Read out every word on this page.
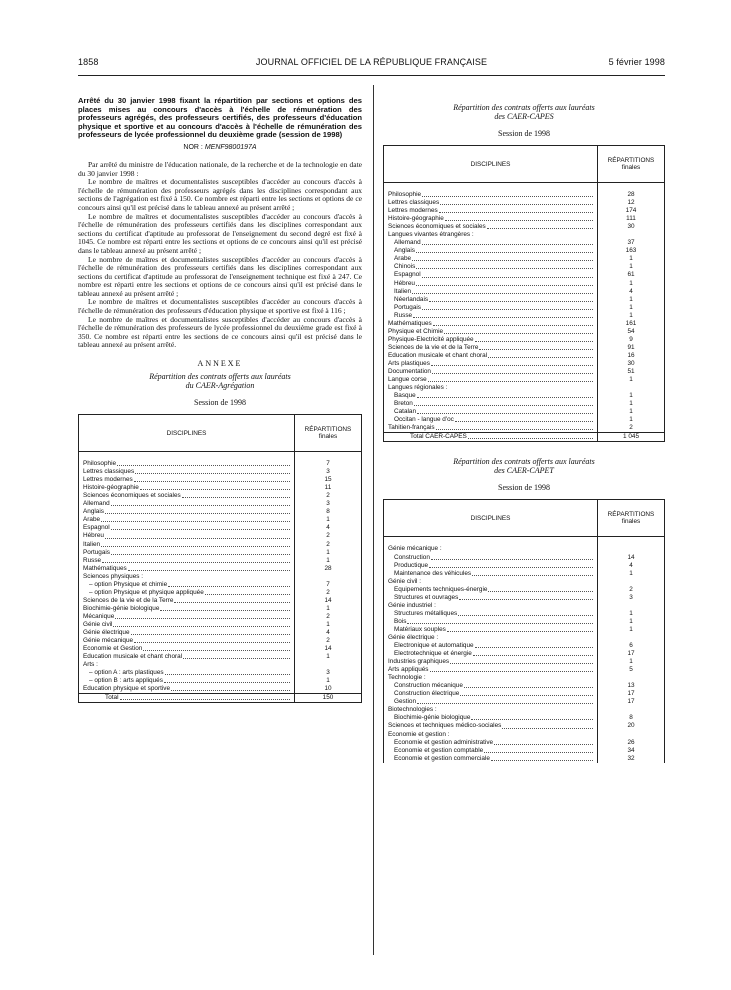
1858	JOURNAL OFFICIEL DE LA RÉPUBLIQUE FRANÇAISE	5 février 1998
Arrêté du 30 janvier 1998 fixant la répartition par sections et options des places mises au concours d'accès à l'échelle de rémunération des professeurs agrégés, des professeurs certifiés, des professeurs d'éducation physique et sportive et au concours d'accès à l'échelle de rémunération des professeurs de lycée professionnel du deuxième grade (session de 1998)
NOR : MENF9800197A

Par arrêté du ministre de l'éducation nationale, de la recherche et de la technologie en date du 30 janvier 1998 :

Le nombre de maîtres et documentalistes susceptibles d'accéder au concours d'accès à l'échelle de rémunération des professeurs agrégés dans les disciplines correspondant aux sections de l'agrégation est fixé à 150. Ce nombre est réparti entre les sections et options de ce concours ainsi qu'il est précisé dans le tableau annexé au présent arrêté ;

Le nombre de maîtres et documentalistes susceptibles d'accéder au concours d'accès à l'échelle de rémunération des professeurs certifiés dans les disciplines correspondant aux sections du certificat d'aptitude au professorat de l'enseignement du second degré est fixé à 1045. Ce nombre est réparti entre les sections et options de ce concours ainsi qu'il est précisé dans le tableau annexé au présent arrêté ;

Le nombre de maîtres et documentalistes susceptibles d'accéder au concours d'accès à l'échelle de rémunération des professeurs certifiés dans les disciplines correspondant aux sections du certificat d'aptitude au professorat de l'enseignement technique est fixé à 247. Ce nombre est réparti entre les sections et options de ce concours ainsi qu'il est précisé dans le tableau annexé au présent arrêté ;

Le nombre de maîtres et documentalistes susceptibles d'accéder au concours d'accès à l'échelle de rémunération des professeurs d'éducation physique et sportive est fixé à 116 ;

Le nombre de maîtres et documentalistes susceptibles d'accéder au concours d'accès à l'échelle de rémunération des professeurs de lycée professionnel du deuxième grade est fixé à 350. Ce nombre est réparti entre les sections de ce concours ainsi qu'il est précisé dans le tableau annexé au présent arrêté.

ANNEXE
Répartition des contrats offerts aux lauréats
du CAER-Agrégation
Session de 1998
DISCIPLINES	RÉPARTITIONS
finales

Philosophie	7

Lettres classiques	3

Lettres modernes	15

Histoire-géographie	11

Sciences économiques et sociales	2

Allemand	3

Anglais	8

Arabe	1

Espagnol	4

Hébreu	2

Italien	2

Portugais	1

Russe	1

Mathématiques	28

Sciences physiques :	

– option Physique et chimie	7

– option Physique et physique appliquée	2

Sciences de la vie et de la Terre	14

Biochimie-génie biologique	1

Mécanique	2

Génie civil	1

Génie électrique	4

Génie mécanique	2

Economie et Gestion	14

Education musicale et chant choral	1

Arts :	

– option A : arts plastiques	3

– option B : arts appliqués	1

Education physique et sportive	10

Total	150
Répartition des contrats offerts aux lauréats
des CAER-CAPES
Session de 1998
DISCIPLINES	RÉPARTITIONS
finales

Philosophie	28

Lettres classiques	12

Lettres modernes	174

Histoire-géographie	111

Sciences économiques et sociales	30

Langues vivantes étrangères :	

Allemand	37

Anglais	163

Arabe	1

Chinois	1

Espagnol	61

Hébreu	1

Italien	4

Néerlandais	1

Portugais	1

Russe	1

Mathématiques	161

Physique et Chimie	54

Physique-Electricité appliquée	9

Sciences de la vie et de la Terre	91

Education musicale et chant choral	16

Arts plastiques	30

Documentation	51

Langue corse	1

Langues régionales :	

Basque	1

Breton	1

Catalan	1

Occitan - langue d'oc	1

Tahitien-français	2

Total CAER-CAPES	1 045
Répartition des contrats offerts aux lauréats
des CAER-CAPET
Session de 1998
DISCIPLINES	RÉPARTITIONS
finales

Génie mécanique :	

Construction	14

Productique	4

Maintenance des véhicules	1

Génie civil :	

Equipements techniques-énergie	2

Structures et ouvrages	3

Génie industriel :	

Structures métalliques	1

Bois	1

Matériaux souples	1

Génie électrique :	

Electronique et automatique	6

Electrotechnique et énergie	17

Industries graphiques	1

Arts appliqués	5

Technologie :	

Construction mécanique	13

Construction électrique	17

Gestion	17

Biotechnologies :	

Biochimie-génie biologique	8

Sciences et techniques médico-sociales	20

Economie et gestion :	

Economie et gestion administrative	26

Economie et gestion comptable	34

Economie et gestion commerciale	32
